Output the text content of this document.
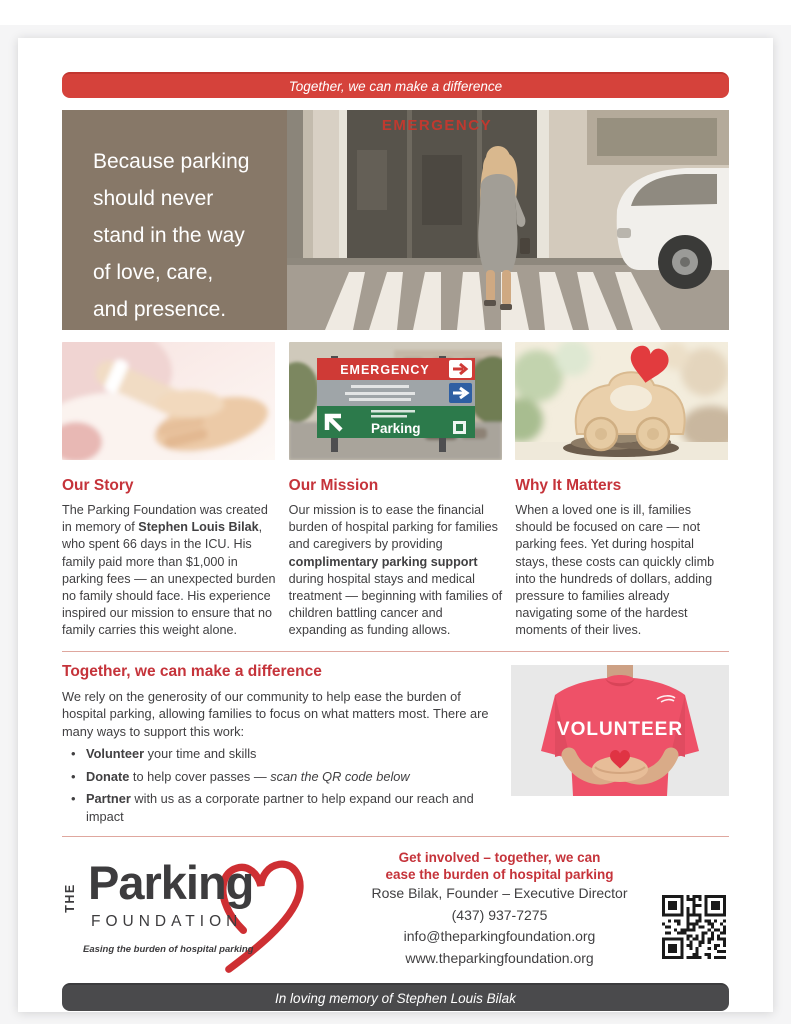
Together, we can make a difference
Because parking
should never
stand in the way
of love, care,
and presence.
EMERGENCY
Our Story
The Parking Foundation was created in memory of Stephen Louis Bilak, who spent 66 days in the ICU. His family paid more than $1,000 in parking fees — an unexpected burden no family should face. His experience inspired our mission to ensure that no family carries this weight alone.
EMERGENCY
Parking
Our Mission
Our mission is to ease the financial burden of hospital parking for families and caregivers by providing complimentary parking support during hospital stays and medical treatment — beginning with families of children battling cancer and expanding as funding allows.
Why It Matters
When a loved one is ill, families should be focused on care — not parking fees. Yet during hospital stays, these costs can quickly climb into the hundreds of dollars, adding pressure to families already navigating some of the hardest moments of their lives.
Together, we can make a difference
We rely on the generosity of our community to help ease the burden of hospital parking, allowing families to focus on what matters most. There are many ways to support this work:
• Volunteer your time and skills
• Donate to help cover passes — scan the QR code below
• Partner with us as a corporate partner to help expand our reach and impact
VOLUNTEER
THE Parking
FOUNDATION
Easing the burden of hospital parking
Get involved – together, we can
ease the burden of hospital parking
Rose Bilak, Founder – Executive Director
(437) 937-7275
info@theparkingfoundation.org
www.theparkingfoundation.org
In loving memory of Stephen Louis Bilak
